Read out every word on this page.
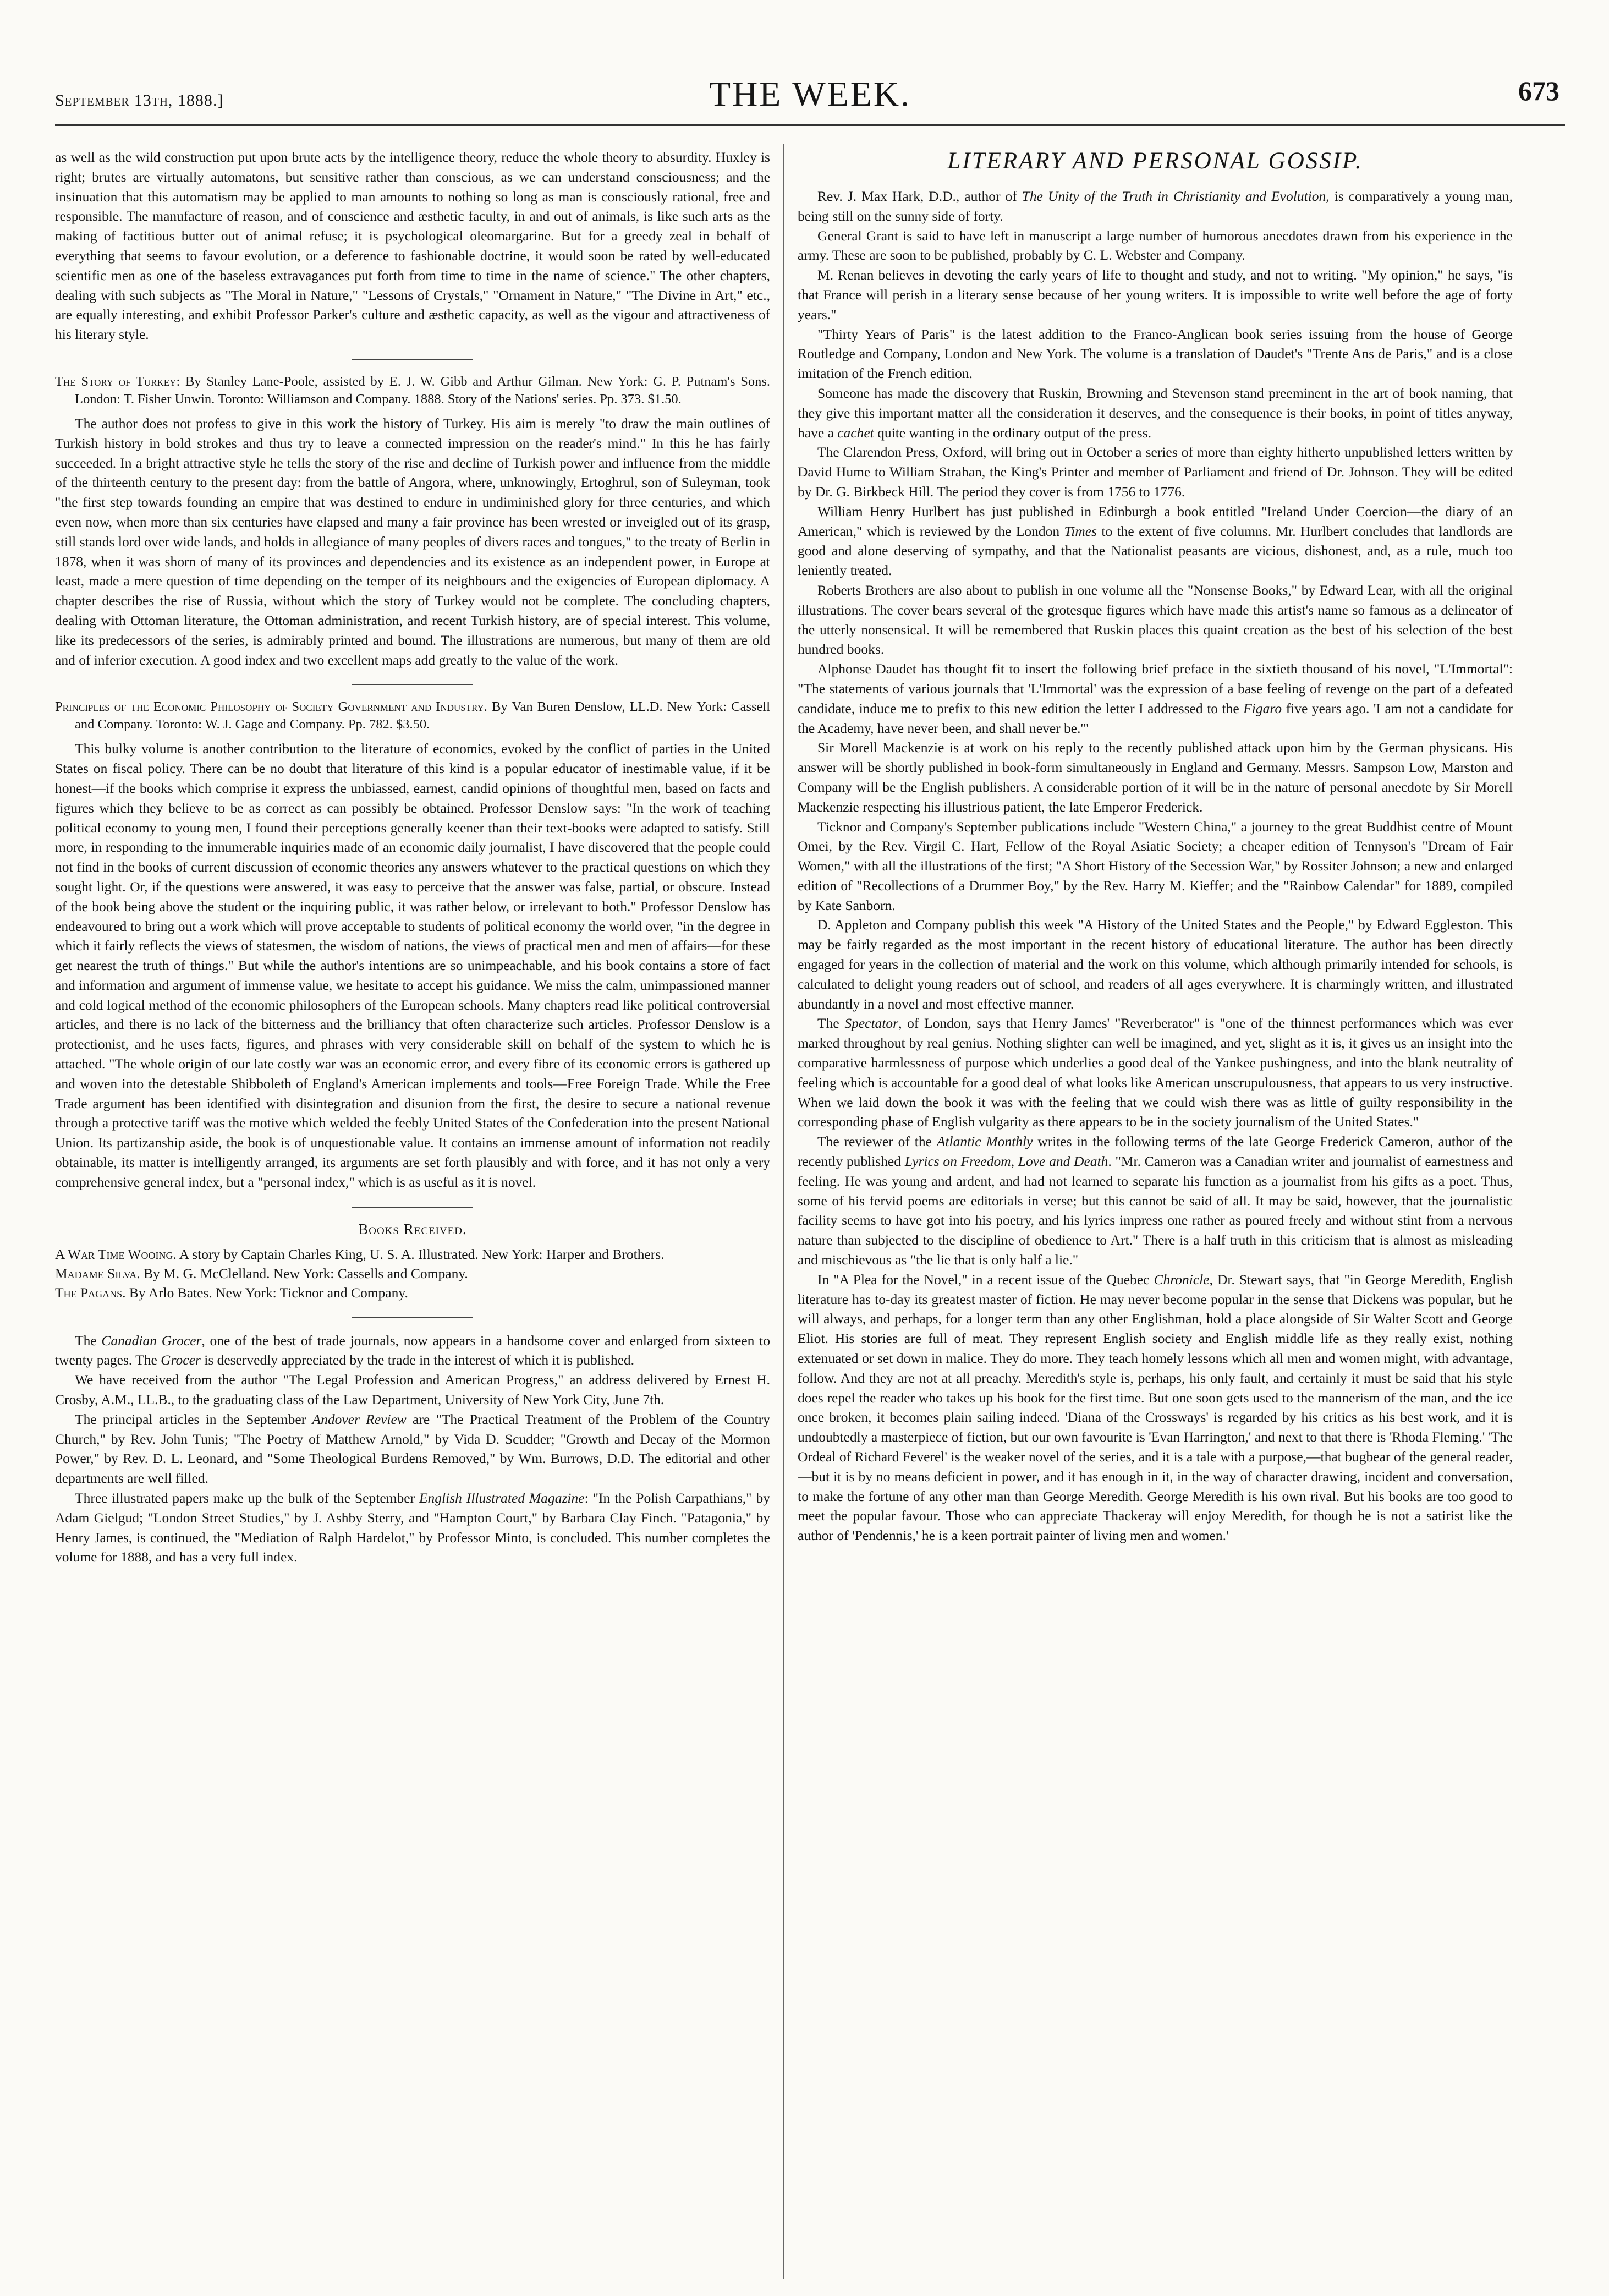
September 13th, 1888.]	THE WEEK.	673

as well as the wild construction put upon brute acts by the intelligence theory, reduce the whole theory to absurdity. Huxley is right; brutes are virtually automatons, but sensitive rather than conscious, as we can understand consciousness; and the insinuation that this automatism may be applied to man amounts to nothing so long as man is consciously rational, free and responsible. The manufacture of reason, and of conscience and æsthetic faculty, in and out of animals, is like such arts as the making of factitious butter out of animal refuse; it is psychological oleomargarine. But for a greedy zeal in behalf of everything that seems to favour evolution, or a deference to fashionable doctrine, it would soon be rated by well-educated scientific men as one of the baseless extravagances put forth from time to time in the name of science." The other chapters, dealing with such subjects as "The Moral in Nature," "Lessons of Crystals," "Ornament in Nature," "The Divine in Art," etc., are equally interesting, and exhibit Professor Parker's culture and æsthetic capacity, as well as the vigour and attractiveness of his literary style.

The Story of Turkey: By Stanley Lane-Poole, assisted by E. J. W. Gibb and Arthur Gilman. New York: G. P. Putnam's Sons. London: T. Fisher Unwin. Toronto: Williamson and Company. 1888. Story of the Nations' series. Pp. 373. $1.50.

The author does not profess to give in this work the history of Turkey. His aim is merely "to draw the main outlines of Turkish history in bold strokes and thus try to leave a connected impression on the reader's mind." In this he has fairly succeeded. In a bright attractive style he tells the story of the rise and decline of Turkish power and influence from the middle of the thirteenth century to the present day: from the battle of Angora, where, unknowingly, Ertoghrul, son of Suleyman, took "the first step towards founding an empire that was destined to endure in undiminished glory for three centuries, and which even now, when more than six centuries have elapsed and many a fair province has been wrested or inveigled out of its grasp, still stands lord over wide lands, and holds in allegiance of many peoples of divers races and tongues," to the treaty of Berlin in 1878, when it was shorn of many of its provinces and dependencies and its existence as an independent power, in Europe at least, made a mere question of time depending on the temper of its neighbours and the exigencies of European diplomacy. A chapter describes the rise of Russia, without which the story of Turkey would not be complete. The concluding chapters, dealing with Ottoman literature, the Ottoman administration, and recent Turkish history, are of special interest. This volume, like its predecessors of the series, is admirably printed and bound. The illustrations are numerous, but many of them are old and of inferior execution. A good index and two excellent maps add greatly to the value of the work.

Principles of the Economic Philosophy of Society Government and Industry. By Van Buren Denslow, LL.D. New York: Cassell and Company. Toronto: W. J. Gage and Company. Pp. 782. $3.50.

This bulky volume is another contribution to the literature of economics, evoked by the conflict of parties in the United States on fiscal policy. There can be no doubt that literature of this kind is a popular educator of inestimable value, if it be honest—if the books which comprise it express the unbiassed, earnest, candid opinions of thoughtful men, based on facts and figures which they believe to be as correct as can possibly be obtained. Professor Denslow says: "In the work of teaching political economy to young men, I found their perceptions generally keener than their text-books were adapted to satisfy. Still more, in responding to the innumerable inquiries made of an economic daily journalist, I have discovered that the people could not find in the books of current discussion of economic theories any answers whatever to the practical questions on which they sought light. Or, if the questions were answered, it was easy to perceive that the answer was false, partial, or obscure. Instead of the book being above the student or the inquiring public, it was rather below, or irrelevant to both." Professor Denslow has endeavoured to bring out a work which will prove acceptable to students of political economy the world over, "in the degree in which it fairly reflects the views of statesmen, the wisdom of nations, the views of practical men and men of affairs—for these get nearest the truth of things." But while the author's intentions are so unimpeachable, and his book contains a store of fact and information and argument of immense value, we hesitate to accept his guidance. We miss the calm, unimpassioned manner and cold logical method of the economic philosophers of the European schools. Many chapters read like political controversial articles, and there is no lack of the bitterness and the brilliancy that often characterize such articles. Professor Denslow is a protectionist, and he uses facts, figures, and phrases with very considerable skill on behalf of the system to which he is attached. "The whole origin of our late costly war was an economic error, and every fibre of its economic errors is gathered up and woven into the detestable Shibboleth of England's American implements and tools—Free Foreign Trade. While the Free Trade argument has been identified with disintegration and disunion from the first, the desire to secure a national revenue through a protective tariff was the motive which welded the feebly United States of the Confederation into the present National Union. Its partizanship aside, the book is of unquestionable value. It contains an immense amount of information not readily obtainable, its matter is intelligently arranged, its arguments are set forth plausibly and with force, and it has not only a very comprehensive general index, but a "personal index," which is as useful as it is novel.

Books Received.
A War Time Wooing. A story by Captain Charles King, U. S. A. Illustrated. New York: Harper and Brothers.
Madame Silva. By M. G. McClelland. New York: Cassells and Company.
The Pagans. By Arlo Bates. New York: Ticknor and Company.

The Canadian Grocer, one of the best of trade journals, now appears in a handsome cover and enlarged from sixteen to twenty pages. The Grocer is deservedly appreciated by the trade in the interest of which it is published.

We have received from the author "The Legal Profession and American Progress," an address delivered by Ernest H. Crosby, A.M., LL.B., to the graduating class of the Law Department, University of New York City, June 7th.

The principal articles in the September Andover Review are "The Practical Treatment of the Problem of the Country Church," by Rev. John Tunis; "The Poetry of Matthew Arnold," by Vida D. Scudder; "Growth and Decay of the Mormon Power," by Rev. D. L. Leonard, and "Some Theological Burdens Removed," by Wm. Burrows, D.D. The editorial and other departments are well filled.

Three illustrated papers make up the bulk of the September English Illustrated Magazine: "In the Polish Carpathians," by Adam Gielgud; "London Street Studies," by J. Ashby Sterry, and "Hampton Court," by Barbara Clay Finch. "Patagonia," by Henry James, is continued, the "Mediation of Ralph Hardelot," by Professor Minto, is concluded. This number completes the volume for 1888, and has a very full index.

LITERARY AND PERSONAL GOSSIP.

Rev. J. Max Hark, D.D., author of The Unity of the Truth in Christianity and Evolution, is comparatively a young man, being still on the sunny side of forty.

General Grant is said to have left in manuscript a large number of humorous anecdotes drawn from his experience in the army. These are soon to be published, probably by C. L. Webster and Company.

M. Renan believes in devoting the early years of life to thought and study, and not to writing. "My opinion," he says, "is that France will perish in a literary sense because of her young writers. It is impossible to write well before the age of forty years."

"Thirty Years of Paris" is the latest addition to the Franco-Anglican book series issuing from the house of George Routledge and Company, London and New York. The volume is a translation of Daudet's "Trente Ans de Paris," and is a close imitation of the French edition.

Someone has made the discovery that Ruskin, Browning and Stevenson stand preeminent in the art of book naming, that they give this important matter all the consideration it deserves, and the consequence is their books, in point of titles anyway, have a cachet quite wanting in the ordinary output of the press.

The Clarendon Press, Oxford, will bring out in October a series of more than eighty hitherto unpublished letters written by David Hume to William Strahan, the King's Printer and member of Parliament and friend of Dr. Johnson. They will be edited by Dr. G. Birkbeck Hill. The period they cover is from 1756 to 1776.

William Henry Hurlbert has just published in Edinburgh a book entitled "Ireland Under Coercion—the diary of an American," which is reviewed by the London Times to the extent of five columns. Mr. Hurlbert concludes that landlords are good and alone deserving of sympathy, and that the Nationalist peasants are vicious, dishonest, and, as a rule, much too leniently treated.

Roberts Brothers are also about to publish in one volume all the "Nonsense Books," by Edward Lear, with all the original illustrations. The cover bears several of the grotesque figures which have made this artist's name so famous as a delineator of the utterly nonsensical. It will be remembered that Ruskin places this quaint creation as the best of his selection of the best hundred books.

Alphonse Daudet has thought fit to insert the following brief preface in the sixtieth thousand of his novel, "L'Immortal": "The statements of various journals that 'L'Immortal' was the expression of a base feeling of revenge on the part of a defeated candidate, induce me to prefix to this new edition the letter I addressed to the Figaro five years ago. 'I am not a candidate for the Academy, have never been, and shall never be.'"

Sir Morell Mackenzie is at work on his reply to the recently published attack upon him by the German physicans. His answer will be shortly published in book-form simultaneously in England and Germany. Messrs. Sampson Low, Marston and Company will be the English publishers. A considerable portion of it will be in the nature of personal anecdote by Sir Morell Mackenzie respecting his illustrious patient, the late Emperor Frederick.

Ticknor and Company's September publications include "Western China," a journey to the great Buddhist centre of Mount Omei, by the Rev. Virgil C. Hart, Fellow of the Royal Asiatic Society; a cheaper edition of Tennyson's "Dream of Fair Women," with all the illustrations of the first; "A Short History of the Secession War," by Rossiter Johnson; a new and enlarged edition of "Recollections of a Drummer Boy," by the Rev. Harry M. Kieffer; and the "Rainbow Calendar" for 1889, compiled by Kate Sanborn.

D. Appleton and Company publish this week "A History of the United States and the People," by Edward Eggleston. This may be fairly regarded as the most important in the recent history of educational literature. The author has been directly engaged for years in the collection of material and the work on this volume, which although primarily intended for schools, is calculated to delight young readers out of school, and readers of all ages everywhere. It is charmingly written, and illustrated abundantly in a novel and most effective manner.

The Spectator, of London, says that Henry James' "Reverberator" is "one of the thinnest performances which was ever marked throughout by real genius. Nothing slighter can well be imagined, and yet, slight as it is, it gives us an insight into the comparative harmlessness of purpose which underlies a good deal of the Yankee pushingness, and into the blank neutrality of feeling which is accountable for a good deal of what looks like American unscrupulousness, that appears to us very instructive. When we laid down the book it was with the feeling that we could wish there was as little of guilty responsibility in the corresponding phase of English vulgarity as there appears to be in the society journalism of the United States."

The reviewer of the Atlantic Monthly writes in the following terms of the late George Frederick Cameron, author of the recently published Lyrics on Freedom, Love and Death. "Mr. Cameron was a Canadian writer and journalist of earnestness and feeling. He was young and ardent, and had not learned to separate his function as a journalist from his gifts as a poet. Thus, some of his fervid poems are editorials in verse; but this cannot be said of all. It may be said, however, that the journalistic facility seems to have got into his poetry, and his lyrics impress one rather as poured freely and without stint from a nervous nature than subjected to the discipline of obedience to Art." There is a half truth in this criticism that is almost as misleading and mischievous as "the lie that is only half a lie."

In "A Plea for the Novel," in a recent issue of the Quebec Chronicle, Dr. Stewart says, that "in George Meredith, English literature has to-day its greatest master of fiction. He may never become popular in the sense that Dickens was popular, but he will always, and perhaps, for a longer term than any other Englishman, hold a place alongside of Sir Walter Scott and George Eliot. His stories are full of meat. They represent English society and English middle life as they really exist, nothing extenuated or set down in malice. They do more. They teach homely lessons which all men and women might, with advantage, follow. And they are not at all preachy. Meredith's style is, perhaps, his only fault, and certainly it must be said that his style does repel the reader who takes up his book for the first time. But one soon gets used to the mannerism of the man, and the ice once broken, it becomes plain sailing indeed. 'Diana of the Crossways' is regarded by his critics as his best work, and it is undoubtedly a masterpiece of fiction, but our own favourite is 'Evan Harrington,' and next to that there is 'Rhoda Fleming.' 'The Ordeal of Richard Feverel' is the weaker novel of the series, and it is a tale with a purpose,—that bugbear of the general reader,—but it is by no means deficient in power, and it has enough in it, in the way of character drawing, incident and conversation, to make the fortune of any other man than George Meredith. George Meredith is his own rival. But his books are too good to meet the popular favour. Those who can appreciate Thackeray will enjoy Meredith, for though he is not a satirist like the author of 'Pendennis,' he is a keen portrait painter of living men and women.'
